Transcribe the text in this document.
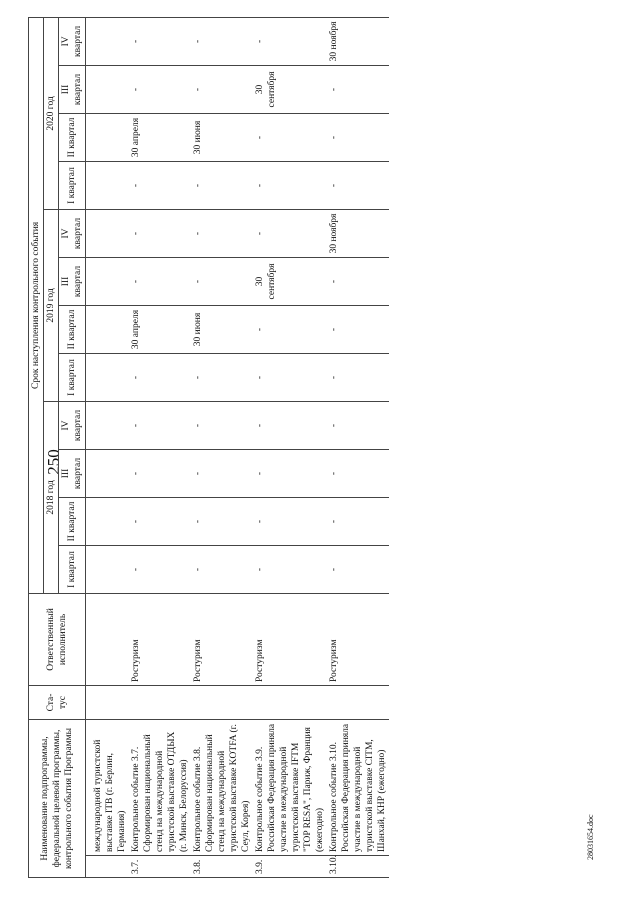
250
28031654.doc
Наименование подпрограммы, федеральной целевой программы, контрольного события Программы		Ста-тус	Ответственный исполнитель	Срок наступления контрольного события											
				2018 год				2019 год				2020 год			
				I квартал	II квартал	III квартал	IV квартал	I квартал	II квартал	III квартал	IV квартал	I квартал	II квартал	III квартал	IV квартал
	международной туристской выставке ITB (г. Берлин, Германия)														
3.7.	Контрольное событие 3.7. Сформирован национальный стенд на международной туристской выставке ОТДЫХ (г. Минск, Белоруссия)		Ростуризм	-	-	-	-	-	30 апреля	-	-	-	30 апреля	-	-
3.8.	Контрольное событие 3.8. Сформирован национальный стенд на международной туристской выставке KOTFA (г. Сеул, Корея)		Ростуризм	-	-	-	-	-	30 июня	-	-	-	30 июня	-	-
3.9.	Контрольное событие 3.9. Российская Федерация приняла участие в международной туристской выставке IFTM "TOP RESA", Париж, Франция (ежегодно)		Ростуризм	-	-	-	-	-	-	30 сентября	-	-	-	30 сентября	-
3.10.	Контрольное событие 3.10. Российская Федерация приняла участие в международной туристской выставке CITM, Шанхай, КНР (ежегодно)		Ростуризм	-	-	-	-	-	-	-	30 ноября	-	-	-	30 ноября
